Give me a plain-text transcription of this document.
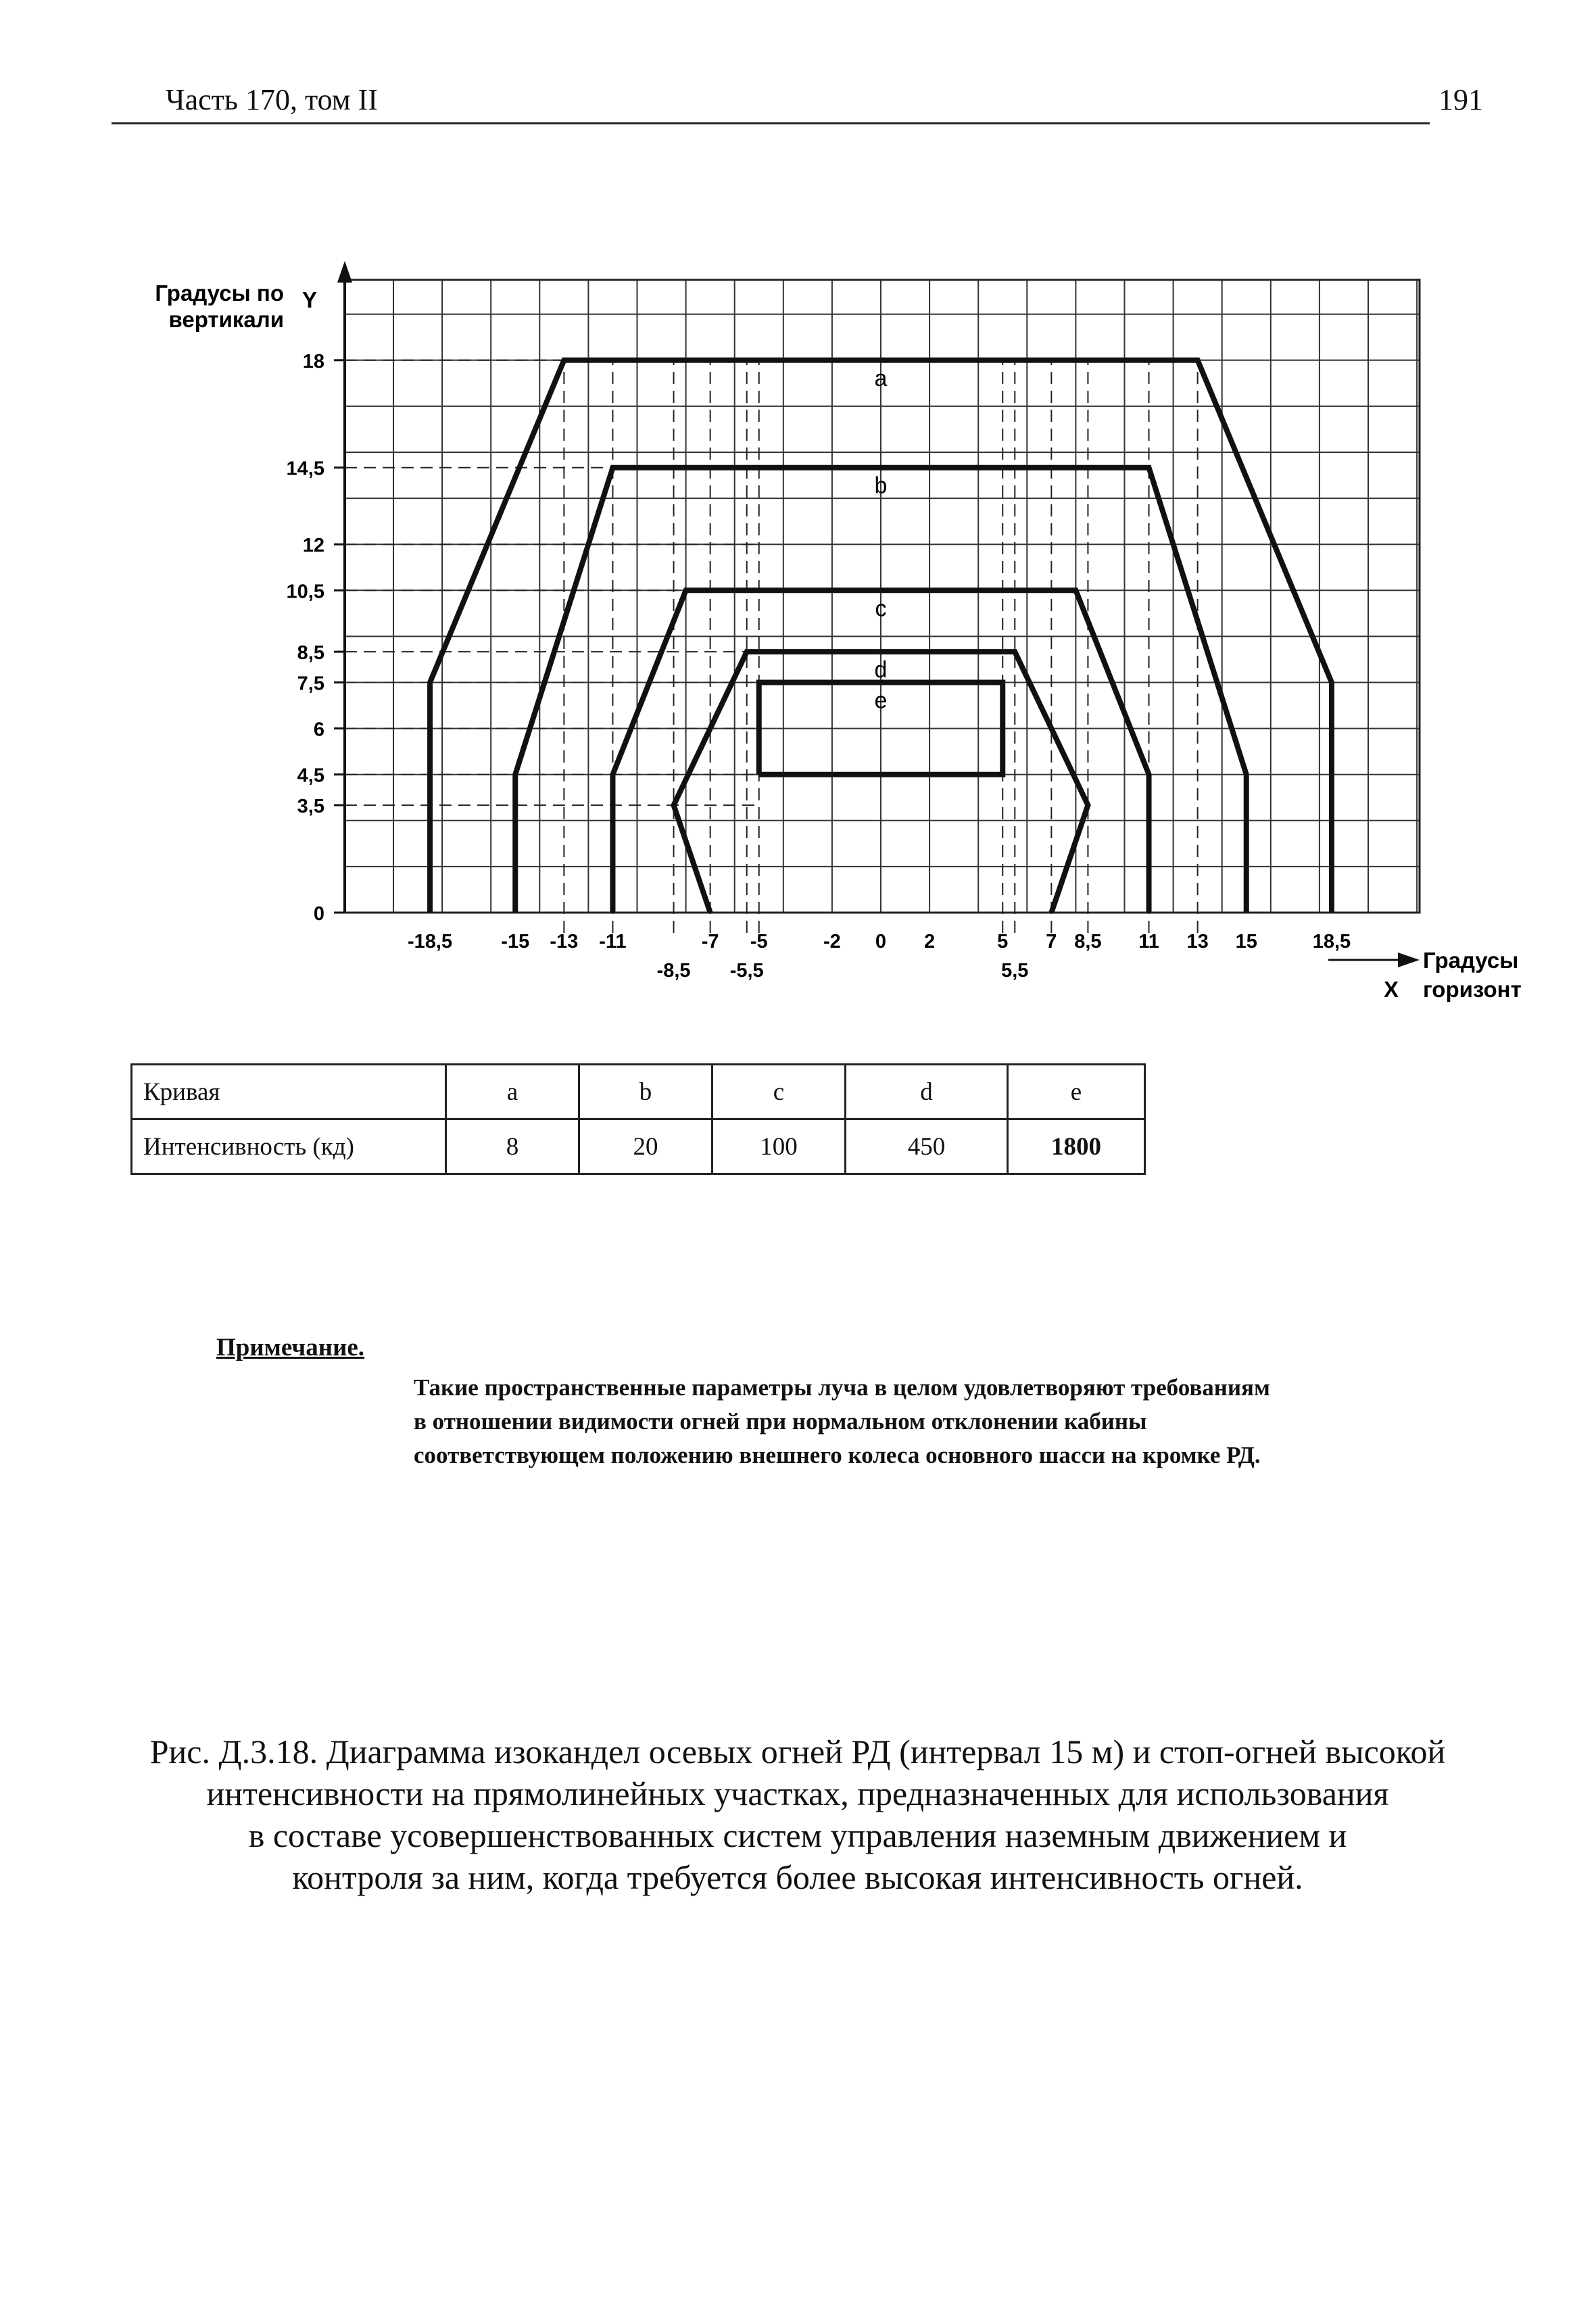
Часть 170, том II	191
a
b
c
d
e
18
14,5
12
10,5
8,5
7,5
6
4,5
3,5
0
-18,5 -15 -13 -11	-7 -5	-2 0 2	5 7 8,5 11 13 15	18,5
-8,5 -5,5	5,5
Градусы по
вертикали
Y
Градусы
горизонт
X
Кривая	a	b	c	d	e
Интенсивность (кд)	8	20	100	450	1800
Примечание.
Такие пространственные параметры луча в целом удовлетворяют требованиям
в отношении видимости огней при нормальном отклонении кабины
соответствующем положению внешнего колеса основного шасси на кромке РД.
Рис. Д.3.18. Диаграмма изокандел осевых огней РД (интервал 15 м) и стоп-огней высокой
интенсивности на прямолинейных участках, предназначенных для использования
в составе усовершенствованных систем управления наземным движением и
контроля за ним, когда требуется более высокая интенсивность огней.
